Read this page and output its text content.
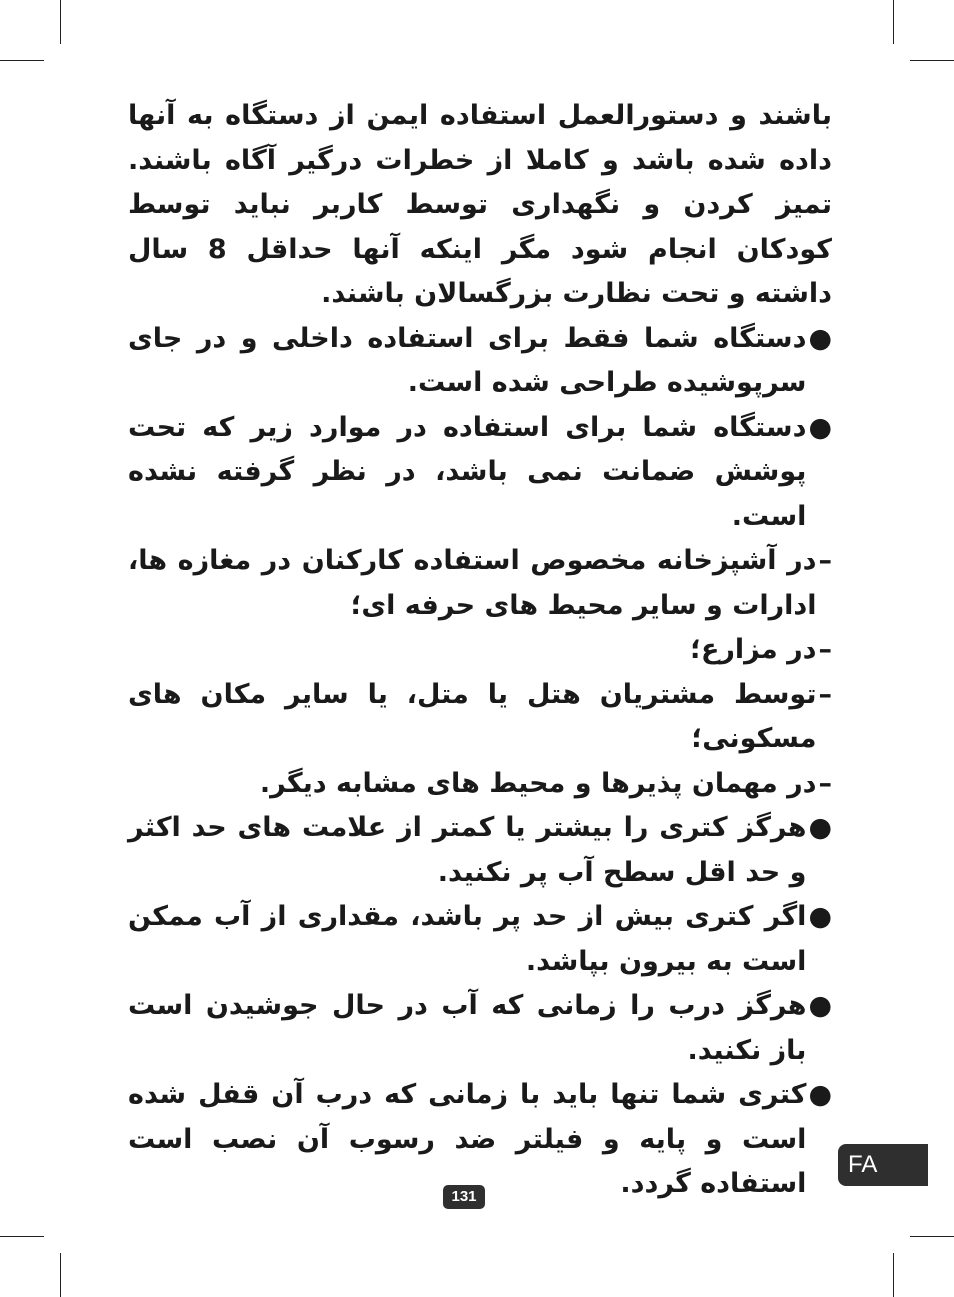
باشند و دستورالعمل استفاده ایمن از دستگاه به آنها داده شده باشد و کاملا از خطرات درگیر آگاه باشند. تمیز کردن و نگهداری توسط کاربر نباید توسط کودکان انجام شود مگر اینکه آنها حداقل 8 سال داشته و تحت نظارت بزرگسالان باشند.

●
دستگاه شما فقط برای استفاده داخلی و در جای سرپوشیده طراحی شده است.

●
دستگاه شما برای استفاده در موارد زیر که تحت پوشش ضمانت نمی باشد، در نظر گرفته نشده است.

–
در آشپزخانه مخصوص استفاده کارکنان در مغازه ها، ادارات و سایر محیط های حرفه ای؛

–
در مزارع؛

–
توسط مشتریان هتل یا متل، یا سایر مکان های مسکونی؛

–
در مهمان پذیرها و محیط های مشابه دیگر.

●
هرگز کتری را بیشتر یا کمتر از علامت های حد اکثر و حد اقل سطح آب پر نکنید.

●
اگر کتری بیش از حد پر باشد، مقداری از آب ممکن است به بیرون بپاشد.

●
هرگز درب را زمانی که آب در حال جوشیدن است باز نکنید.

●
کتری شما تنها باید با زمانی که درب آن قفل شده است و پایه و فیلتر ضد رسوب آن نصب است استفاده گردد.

FA
131
